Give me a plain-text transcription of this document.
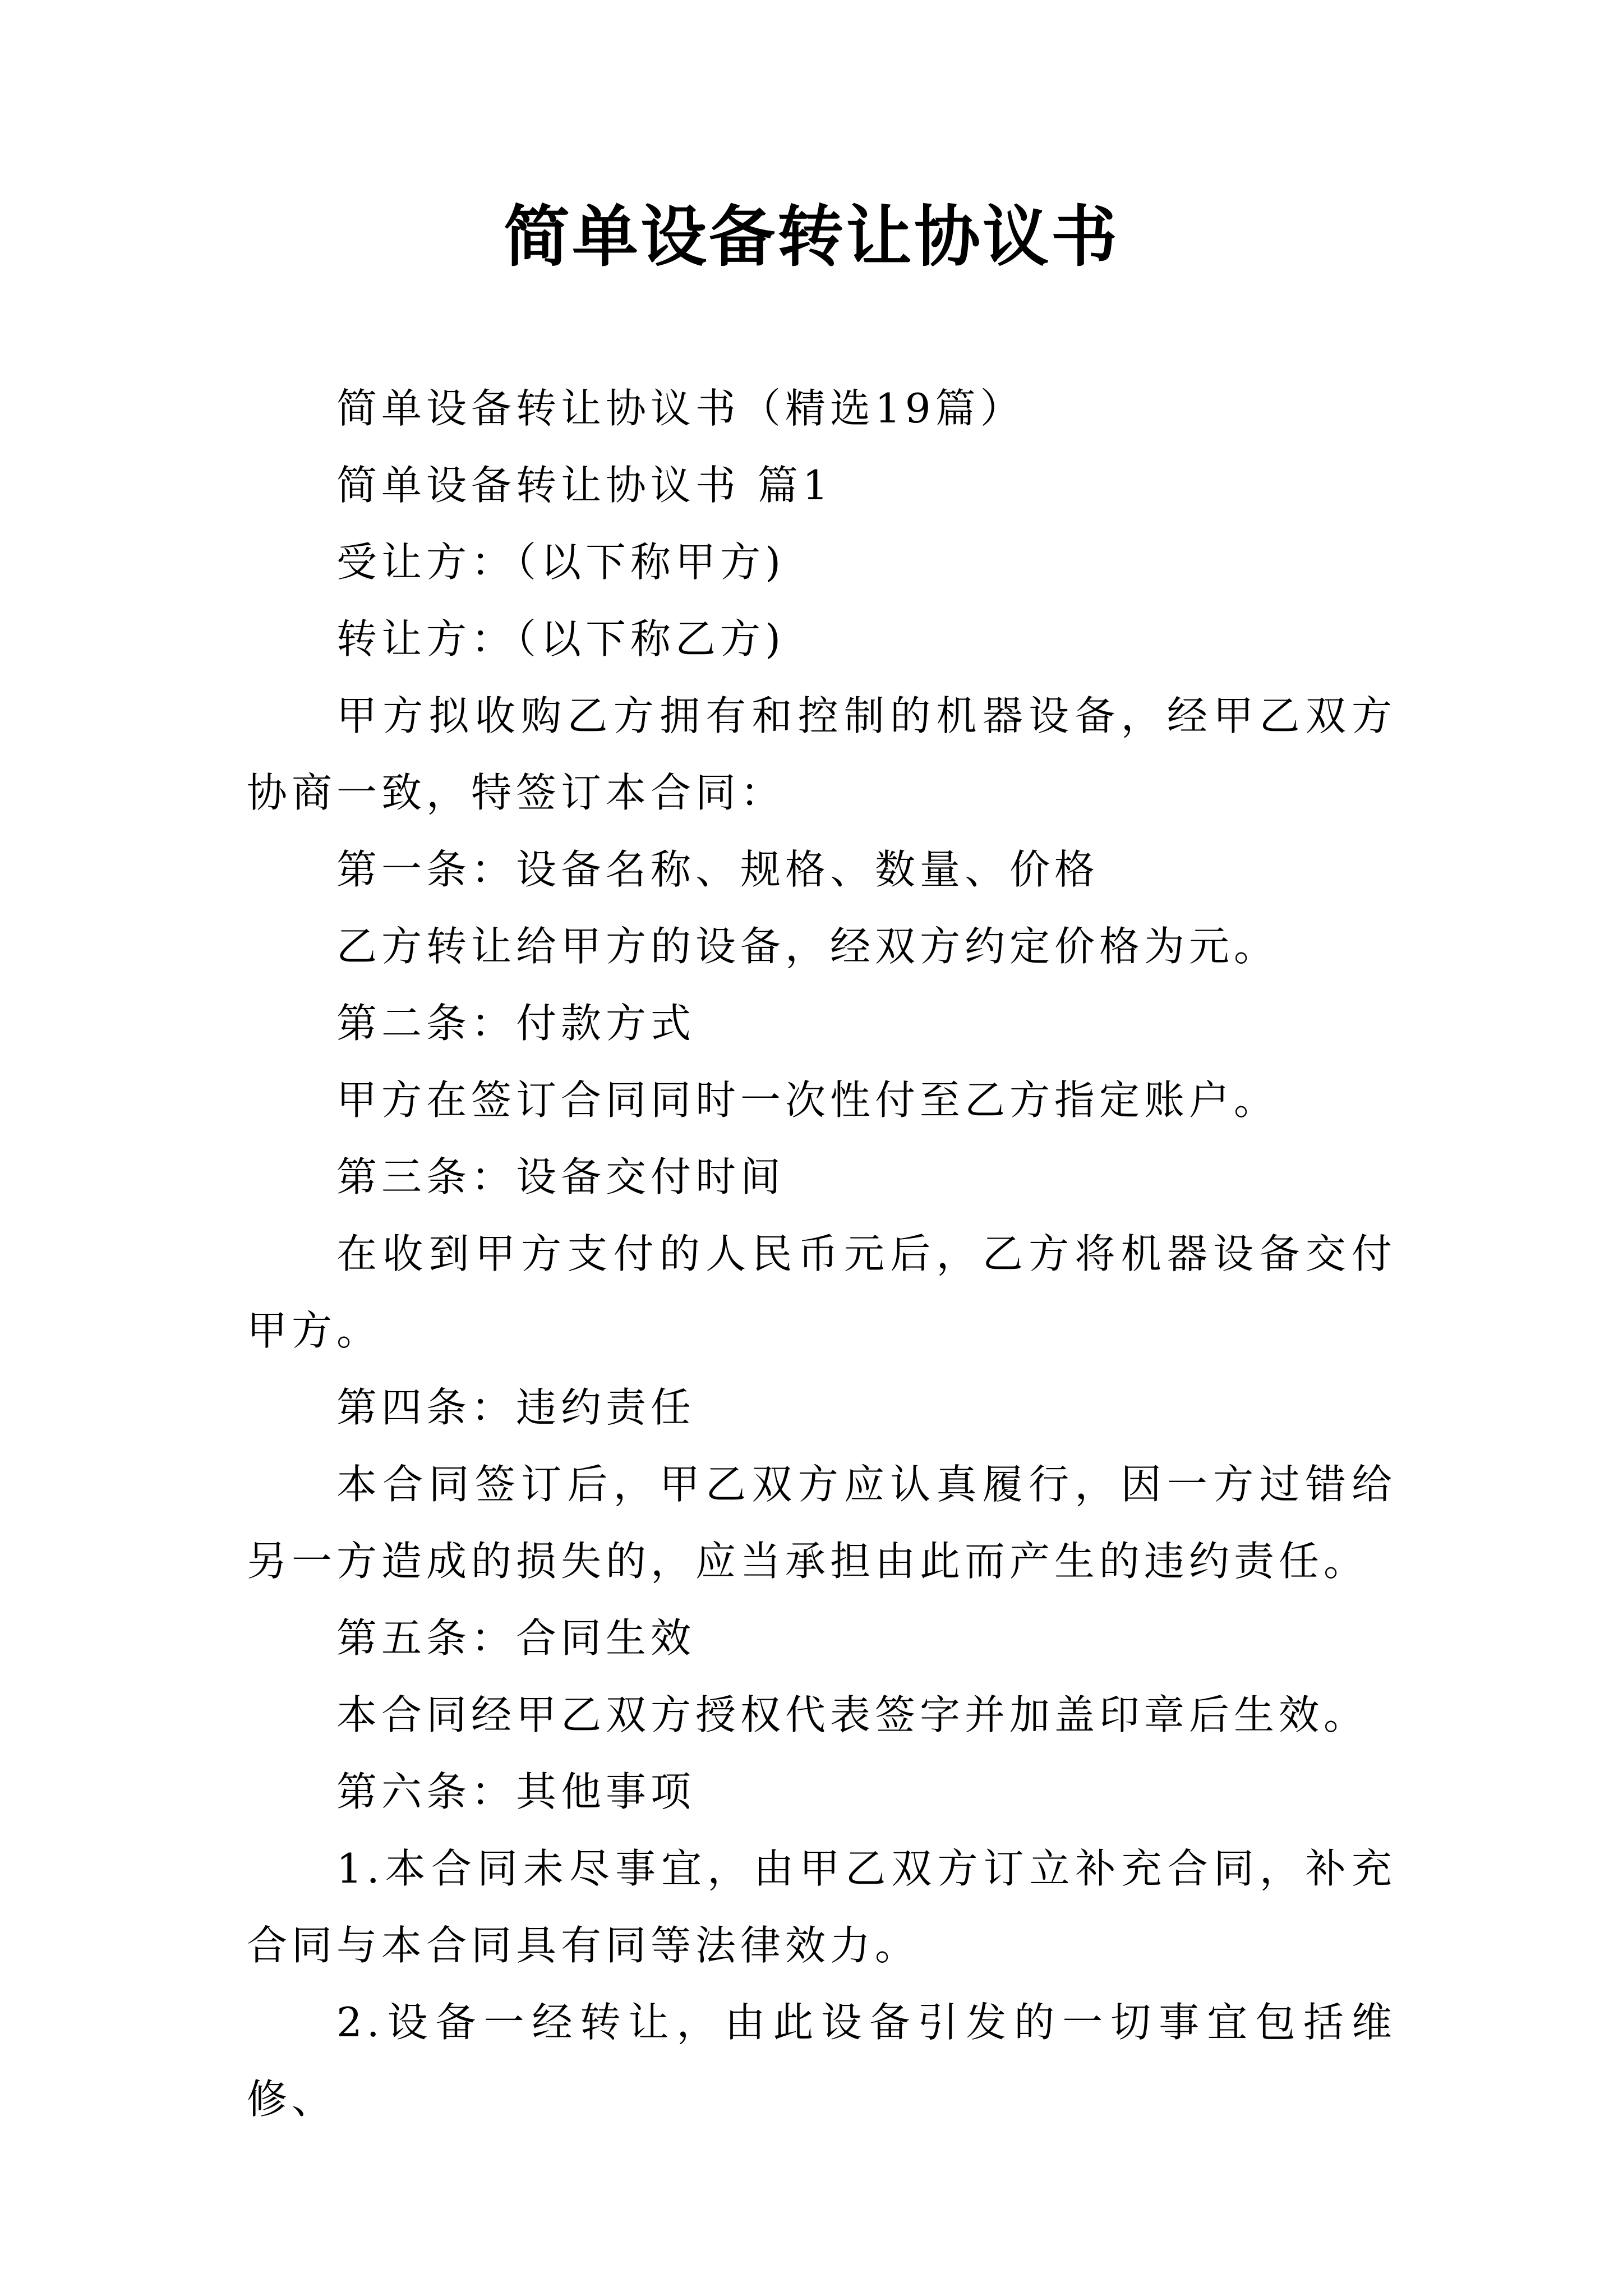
简单设备转让协议书

简单设备转让协议书（精选19篇）

简单设备转让协议书 篇1

受让方：（以下称甲方)

转让方：（以下称乙方)

甲方拟收购乙方拥有和控制的机器设备，经甲乙双方协商一致，特签订本合同：

第一条：设备名称、规格、数量、价格

乙方转让给甲方的设备，经双方约定价格为元。

第二条：付款方式

甲方在签订合同同时一次性付至乙方指定账户。

第三条：设备交付时间

在收到甲方支付的人民币元后，乙方将机器设备交付甲方。

第四条：违约责任

本合同签订后，甲乙双方应认真履行，因一方过错给另一方造成的损失的，应当承担由此而产生的违约责任。

第五条：合同生效

本合同经甲乙双方授权代表签字并加盖印章后生效。

第六条：其他事项

1.本合同未尽事宜，由甲乙双方订立补充合同，补充合同与本合同具有同等法律效力。

2.设备一经转让，由此设备引发的一切事宜包括维修、
